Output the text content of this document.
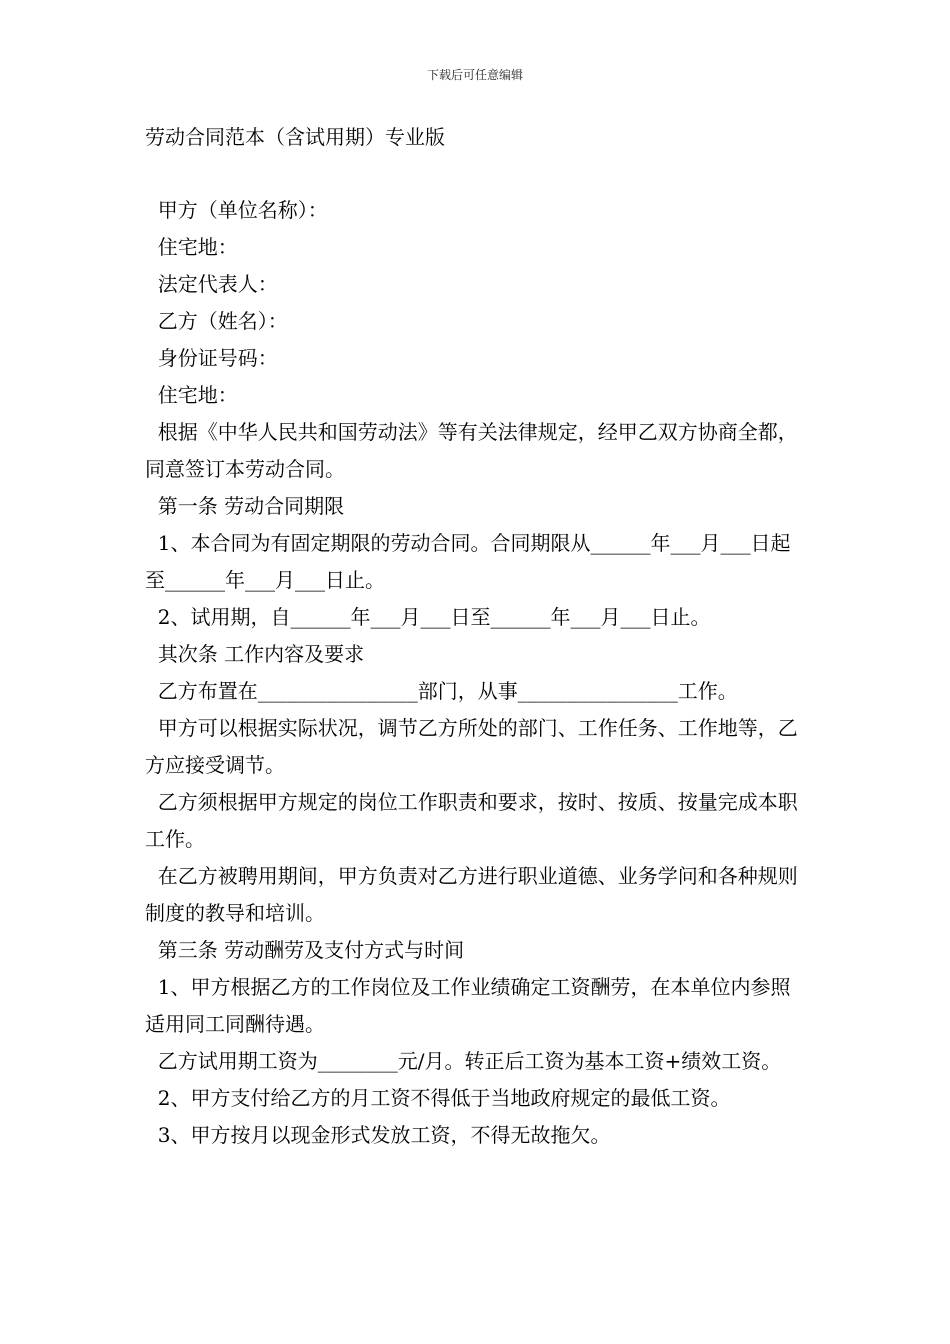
下载后可任意编辑
劳动合同范本（含试用期）专业版
甲方（单位名称）：
住宅地：
法定代表人：
乙方（姓名）：
身份证号码：
住宅地：
根据《中华人民共和国劳动法》等有关法律规定，经甲乙双方协商全都，同意签订本劳动合同。
第一条 劳动合同期限
1、本合同为有固定期限的劳动合同。合同期限从______年___月___日起至______年___月___日止。
2、试用期，自______年___月___日至______年___月___日止。
其次条 工作内容及要求
乙方布置在________________部门，从事________________工作。
甲方可以根据实际状况，调节乙方所处的部门、工作任务、工作地等，乙方应接受调节。
乙方须根据甲方规定的岗位工作职责和要求，按时、按质、按量完成本职工作。
在乙方被聘用期间，甲方负责对乙方进行职业道德、业务学问和各种规则制度的教导和培训。
第三条 劳动酬劳及支付方式与时间
1、甲方根据乙方的工作岗位及工作业绩确定工资酬劳，在本单位内参照适用同工同酬待遇。
乙方试用期工资为________元/月。转正后工资为基本工资+绩效工资。
2、甲方支付给乙方的月工资不得低于当地政府规定的最低工资。
3、甲方按月以现金形式发放工资，不得无故拖欠。
